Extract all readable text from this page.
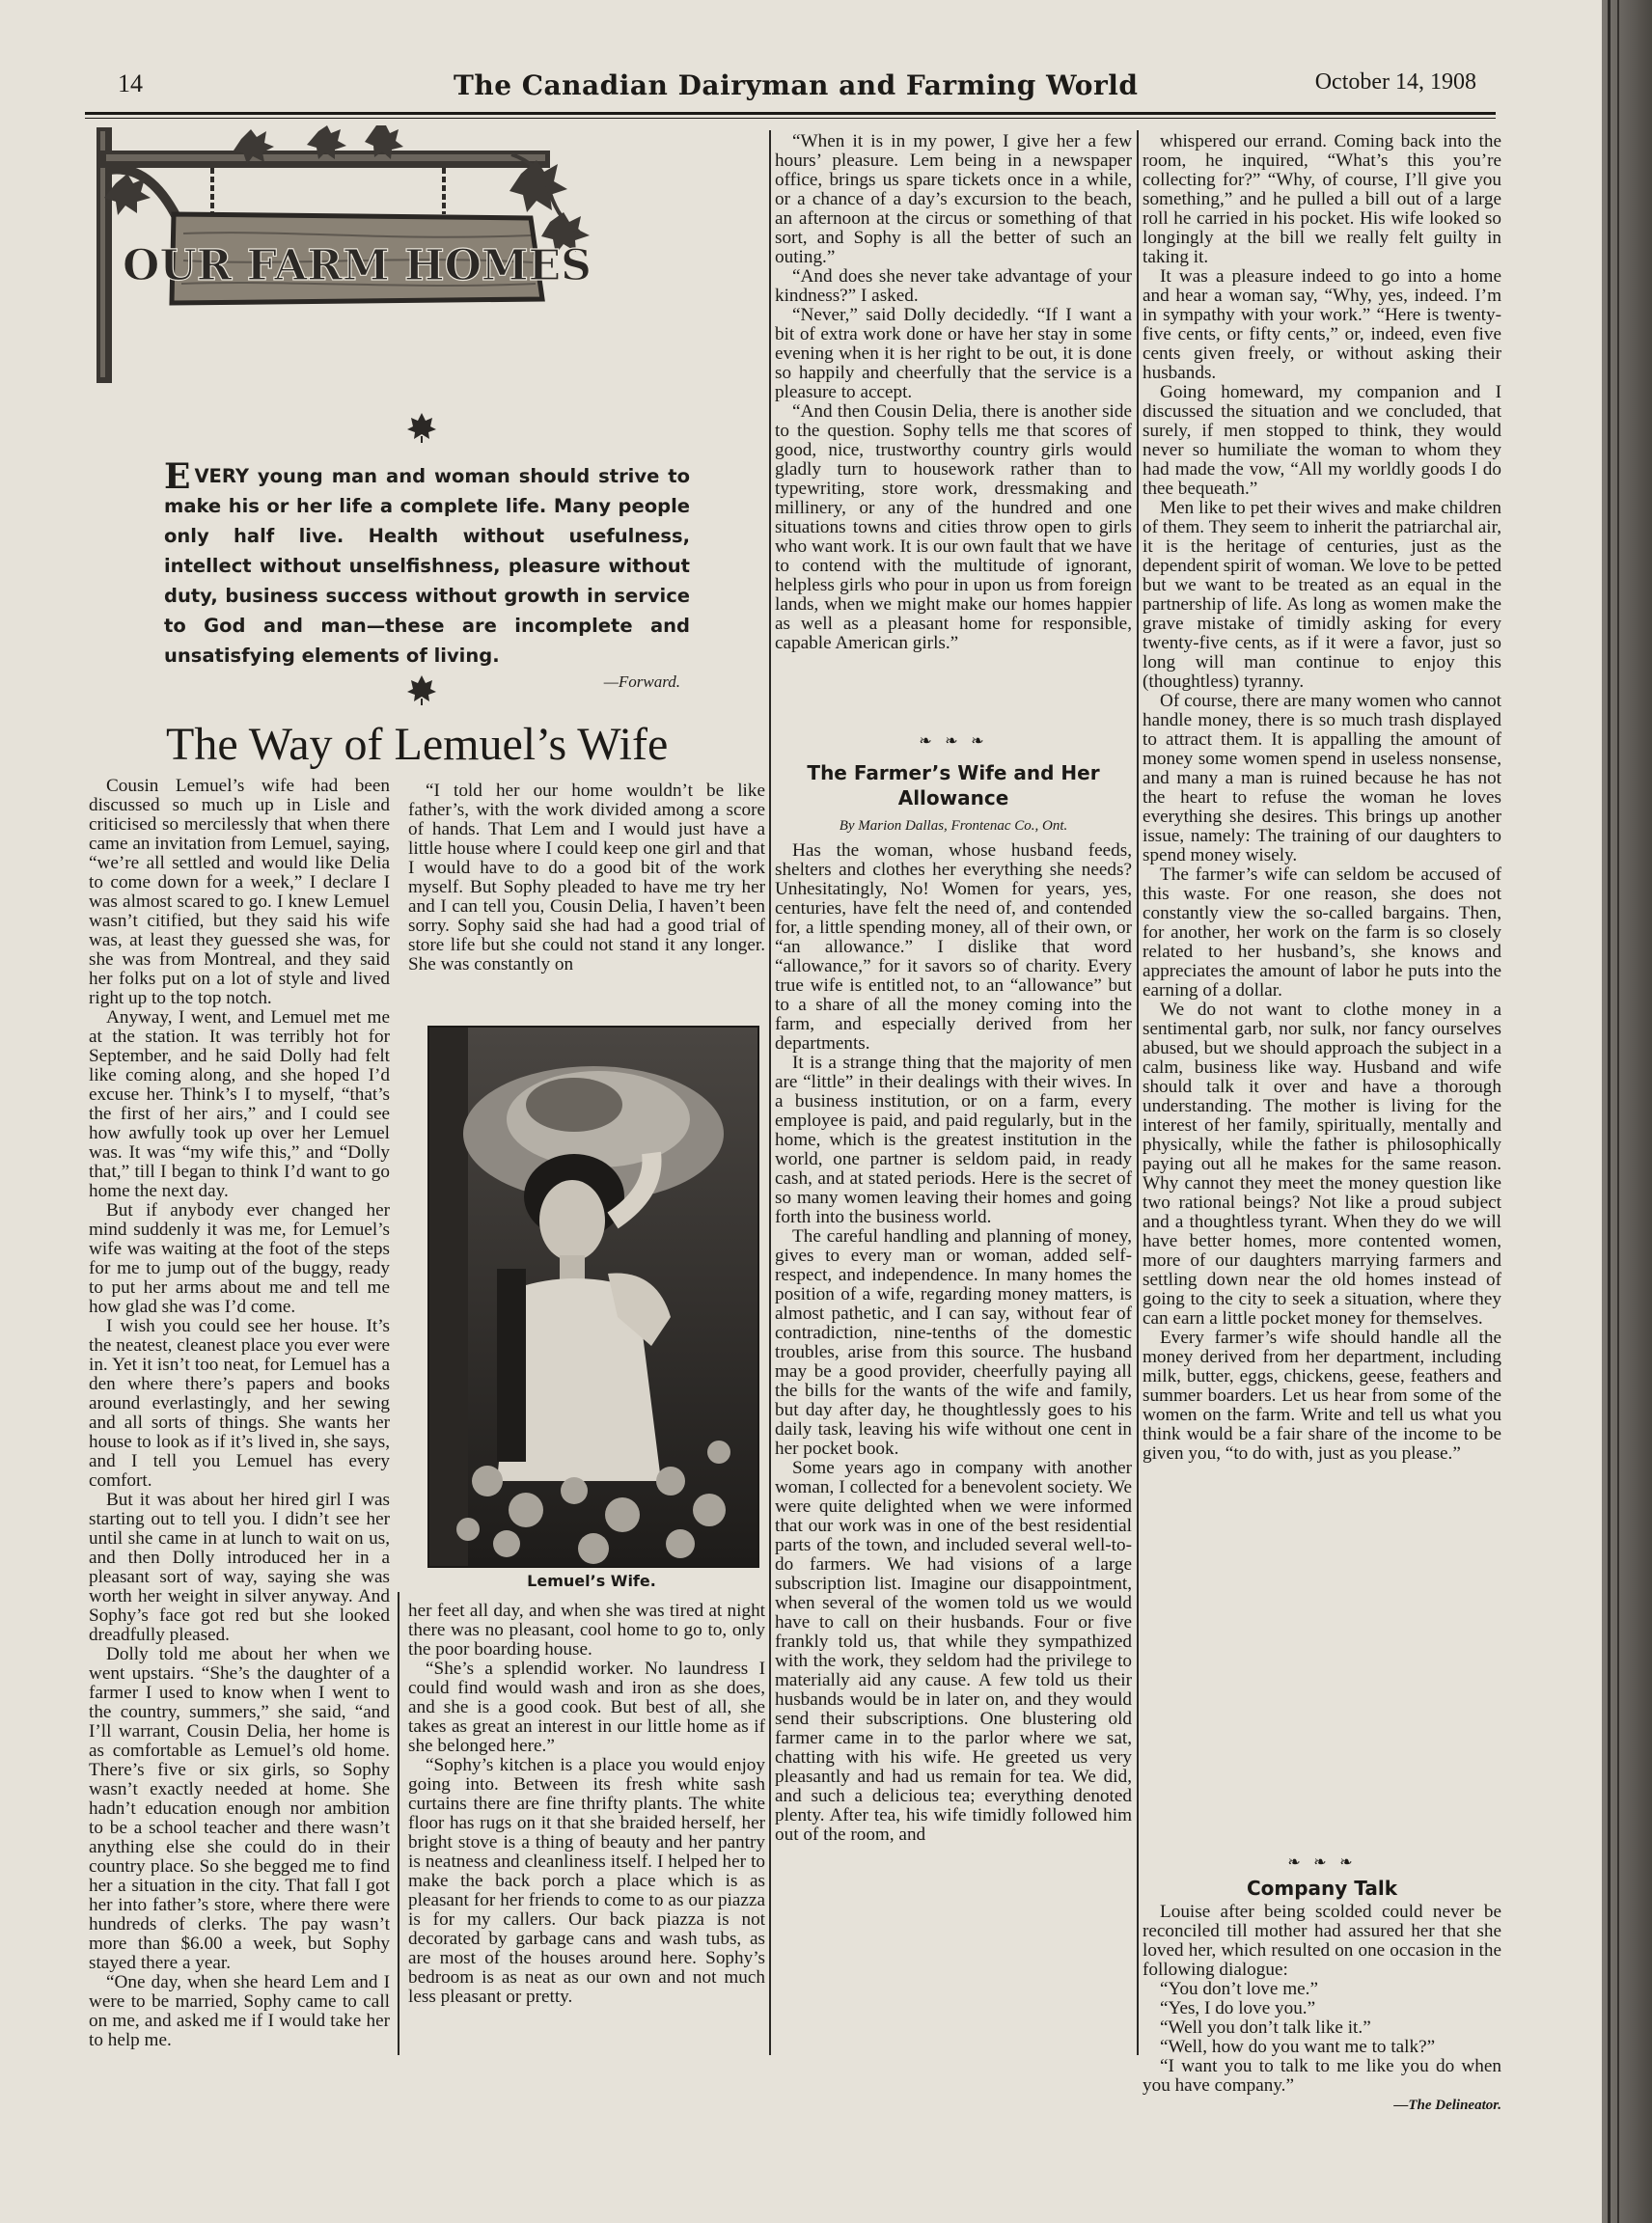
14	The Canadian Dairyman and Farming World	October 14, 1908
OUR FARM HOMES
EVERY young man and woman should strive to make his or her life a complete life. Many people only half live. Health without usefulness, intellect without unselfishness, pleasure without duty, business success without growth in service to God and man—these are incomplete and unsatisfying elements of living.
—Forward.
The Way of Lemuel’s Wife

Cousin Lemuel’s wife had been discussed so much up in Lisle and criticised so mercilessly that when there came an invitation from Lemuel, saying, “we’re all settled and would like Delia to come down for a week,” I declare I was almost scared to go. I knew Lemuel wasn’t citified, but they said his wife was, at least they guessed she was, for she was from Montreal, and they said her folks put on a lot of style and lived right up to the top notch.

Anyway, I went, and Lemuel met me at the station. It was terribly hot for September, and he said Dolly had felt like coming along, and she hoped I’d excuse her. Think’s I to myself, “that’s the first of her airs,” and I could see how awfully took up over her Lemuel was. It was “my wife this,” and “Dolly that,” till I began to think I’d want to go home the next day.

But if anybody ever changed her mind suddenly it was me, for Lemuel’s wife was waiting at the foot of the steps for me to jump out of the buggy, ready to put her arms about me and tell me how glad she was I’d come.

I wish you could see her house. It’s the neatest, cleanest place you ever were in. Yet it isn’t too neat, for Lemuel has a den where there’s papers and books around everlastingly, and her sewing and all sorts of things. She wants her house to look as if it’s lived in, she says, and I tell you Lemuel has every comfort.

But it was about her hired girl I was starting out to tell you. I didn’t see her until she came in at lunch to wait on us, and then Dolly introduced her in a pleasant sort of way, saying she was worth her weight in silver anyway. And Sophy’s face got red but she looked dreadfully pleased.

Dolly told me about her when we went upstairs. “She’s the daughter of a farmer I used to know when I went to the country, summers,” she said, “and I’ll warrant, Cousin Delia, her home is as comfortable as Lemuel’s old home. There’s five or six girls, so Sophy wasn’t exactly needed at home. She hadn’t education enough nor ambition to be a school teacher and there wasn’t anything else she could do in their country place. So she begged me to find her a situation in the city. That fall I got her into father’s store, where there were hundreds of clerks. The pay wasn’t more than $6.00 a week, but Sophy stayed there a year.

“One day, when she heard Lem and I were to be married, Sophy came to call on me, and asked me if I would take her to help me.

“I told her our home wouldn’t be like father’s, with the work divided among a score of hands. That Lem and I would just have a little house where I could keep one girl and that I would have to do a good bit of the work myself. But Sophy pleaded to have me try her and I can tell you, Cousin Delia, I haven’t been sorry. Sophy said she had had a good trial of store life but she could not stand it any longer. She was constantly on

Lemuel’s Wife.

her feet all day, and when she was tired at night there was no pleasant, cool home to go to, only the poor boarding house.

“She’s a splendid worker. No laundress I could find would wash and iron as she does, and she is a good cook. But best of all, she takes as great an interest in our little home as if she belonged here.”

“Sophy’s kitchen is a place you would enjoy going into. Between its fresh white sash curtains there are fine thrifty plants. The white floor has rugs on it that she braided herself, her bright stove is a thing of beauty and her pantry is neatness and cleanliness itself. I helped her to make the back porch a place which is as pleasant for her friends to come to as our piazza is for my callers. Our back piazza is not decorated by garbage cans and wash tubs, as are most of the houses around here. Sophy’s bedroom is as neat as our own and not much less pleasant or pretty.

“When it is in my power, I give her a few hours’ pleasure. Lem being in a newspaper office, brings us spare tickets once in a while, or a chance of a day’s excursion to the beach, an afternoon at the circus or something of that sort, and Sophy is all the better of such an outing.”

“And does she never take advantage of your kindness?” I asked.

“Never,” said Dolly decidedly. “If I want a bit of extra work done or have her stay in some evening when it is her right to be out, it is done so happily and cheerfully that the service is a pleasure to accept.

“And then Cousin Delia, there is another side to the question. Sophy tells me that scores of good, nice, trustworthy country girls would gladly turn to housework rather than to typewriting, store work, dressmaking and millinery, or any of the hundred and one situations towns and cities throw open to girls who want work. It is our own fault that we have to contend with the multitude of ignorant, helpless girls who pour in upon us from foreign lands, when we might make our homes happier as well as a pleasant home for responsible, capable American girls.”

❧ ❧ ❧
The Farmer’s Wife and Her Allowance
By Marion Dallas, Frontenac Co., Ont.

Has the woman, whose husband feeds, shelters and clothes her everything she needs? Unhesitatingly, No! Women for years, yes, centuries, have felt the need of, and contended for, a little spending money, all of their own, or “an allowance.” I dislike that word “allowance,” for it savors so of charity. Every true wife is entitled not, to an “allowance” but to a share of all the money coming into the farm, and especially derived from her departments.

It is a strange thing that the majority of men are “little” in their dealings with their wives. In a business institution, or on a farm, every employee is paid, and paid regularly, but in the home, which is the greatest institution in the world, one partner is seldom paid, in ready cash, and at stated periods. Here is the secret of so many women leaving their homes and going forth into the business world.

The careful handling and planning of money, gives to every man or woman, added self-respect, and independence. In many homes the position of a wife, regarding money matters, is almost pathetic, and I can say, without fear of contradiction, nine-tenths of the domestic troubles, arise from this source. The husband may be a good provider, cheerfully paying all the bills for the wants of the wife and family, but day after day, he thoughtlessly goes to his daily task, leaving his wife without one cent in her pocket book.

Some years ago in company with another woman, I collected for a benevolent society. We were quite delighted when we were informed that our work was in one of the best residential parts of the town, and included several well-to-do farmers. We had visions of a large subscription list. Imagine our disappointment, when several of the women told us we would have to call on their husbands. Four or five frankly told us, that while they sympathized with the work, they seldom had the privilege to materially aid any cause. A few told us their husbands would be in later on, and they would send their subscriptions. One blustering old farmer came in to the parlor where we sat, chatting with his wife. He greeted us very pleasantly and had us remain for tea. We did, and such a delicious tea; everything denoted plenty. After tea, his wife timidly followed him out of the room, and

whispered our errand. Coming back into the room, he inquired, “What’s this you’re collecting for?” “Why, of course, I’ll give you something,” and he pulled a bill out of a large roll he carried in his pocket. His wife looked so longingly at the bill we really felt guilty in taking it.

It was a pleasure indeed to go into a home and hear a woman say, “Why, yes, indeed. I’m in sympathy with your work.” “Here is twenty-five cents, or fifty cents,” or, indeed, even five cents given freely, or without asking their husbands.

Going homeward, my companion and I discussed the situation and we concluded, that surely, if men stopped to think, they would never so humiliate the woman to whom they had made the vow, “All my worldly goods I do thee bequeath.”

Men like to pet their wives and make children of them. They seem to inherit the patriarchal air, it is the heritage of centuries, just as the dependent spirit of woman. We love to be petted but we want to be treated as an equal in the partnership of life. As long as women make the grave mistake of timidly asking for every twenty-five cents, as if it were a favor, just so long will man continue to enjoy this (thoughtless) tyranny.

Of course, there are many women who cannot handle money, there is so much trash displayed to attract them. It is appalling the amount of money some women spend in useless nonsense, and many a man is ruined because he has not the heart to refuse the woman he loves everything she desires. This brings up another issue, namely: The training of our daughters to spend money wisely.

The farmer’s wife can seldom be accused of this waste. For one reason, she does not constantly view the so-called bargains. Then, for another, her work on the farm is so closely related to her husband’s, she knows and appreciates the amount of labor he puts into the earning of a dollar.

We do not want to clothe money in a sentimental garb, nor sulk, nor fancy ourselves abused, but we should approach the subject in a calm, business like way. Husband and wife should talk it over and have a thorough understanding. The mother is living for the interest of her family, spiritually, mentally and physically, while the father is philosophically paying out all he makes for the same reason. Why cannot they meet the money question like two rational beings? Not like a proud subject and a thoughtless tyrant. When they do we will have better homes, more contented women, more of our daughters marrying farmers and settling down near the old homes instead of going to the city to seek a situation, where they can earn a little pocket money for themselves.

Every farmer’s wife should handle all the money derived from her department, including milk, butter, eggs, chickens, geese, feathers and summer boarders. Let us hear from some of the women on the farm. Write and tell us what you think would be a fair share of the income to be given you, “to do with, just as you please.”

❧ ❧ ❧
Company Talk

Louise after being scolded could never be reconciled till mother had assured her that she loved her, which resulted on one occasion in the following dialogue:

“You don’t love me.”

“Yes, I do love you.”

“Well you don’t talk like it.”

“Well, how do you want me to talk?”

“I want you to talk to me like you do when you have company.”

—The Delineator.
